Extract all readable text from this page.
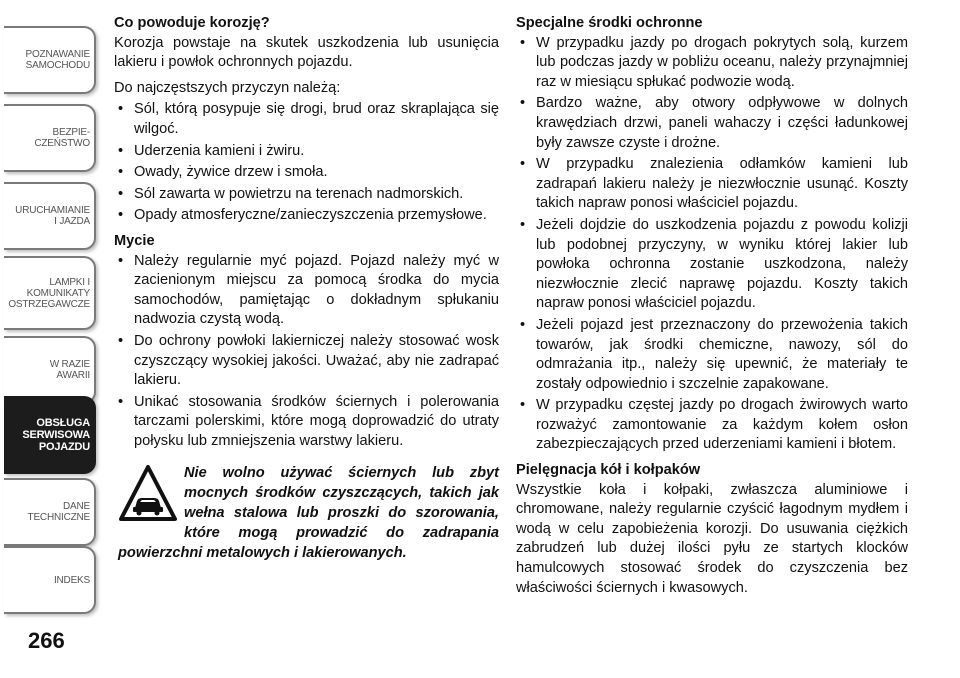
POZNAWANIE
SAMOCHODU
BEZPIE-
CZEŃSTWO
URUCHAMIANIE
I JAZDA
LAMPKI I
KOMUNIKATY
OSTRZEGAWCZE
W RAZIE
AWARII
OBSŁUGA
SERWISOWA
POJAZDU
DANE
TECHNICZNE
INDEKS
266
Co powoduje korozję?

Korozja powstaje na skutek uszkodzenia lub usunięcia lakieru i powłok ochronnych pojazdu.

Do najczęstszych przyczyn należą:

• Sól, którą posypuje się drogi, brud oraz skraplająca się wilgoć.
• Uderzenia kamieni i żwiru.
• Owady, żywice drzew i smoła.
• Sól zawarta w powietrzu na terenach nadmorskich.
• Opady atmosferyczne/zanieczyszczenia przemysłowe.
Mycie
• Należy regularnie myć pojazd. Pojazd należy myć w zacienionym miejscu za pomocą środka do mycia samochodów, pamiętając o dokładnym spłukaniu nadwozia czystą wodą.
• Do ochrony powłoki lakierniczej należy stosować wosk czyszczący wysokiej jakości. Uważać, aby nie zadrapać lakieru.
• Unikać stosowania środków ściernych i polerowania tarczami polerskimi, które mogą doprowadzić do utraty połysku lub zmniejszenia warstwy lakieru.
Nie wolno używać ściernych lub zbyt mocnych środków czyszczących, takich jak wełna stalowa lub proszki do szorowania, które mogą prowadzić do zadrapania powierzchni metalowych i lakierowanych.
Specjalne środki ochronne
• W przypadku jazdy po drogach pokrytych solą, kurzem lub podczas jazdy w pobliżu oceanu, należy przynajmniej raz w miesiącu spłukać podwozie wodą.
• Bardzo ważne, aby otwory odpływowe w dolnych krawędziach drzwi, paneli wahaczy i części ładunkowej były zawsze czyste i drożne.
• W przypadku znalezienia odłamków kamieni lub zadrapań lakieru należy je niezwłocznie usunąć. Koszty takich napraw ponosi właściciel pojazdu.
• Jeżeli dojdzie do uszkodzenia pojazdu z powodu kolizji lub podobnej przyczyny, w wyniku której lakier lub powłoka ochronna zostanie uszkodzona, należy niezwłocznie zlecić naprawę pojazdu. Koszty takich napraw ponosi właściciel pojazdu.
• Jeżeli pojazd jest przeznaczony do przewożenia takich towarów, jak środki chemiczne, nawozy, sól do odmrażania itp., należy się upewnić, że materiały te zostały odpowiednio i szczelnie zapakowane.
• W przypadku częstej jazdy po drogach żwirowych warto rozważyć zamontowanie za każdym kołem osłon zabezpieczających przed uderzeniami kamieni i błotem.
Pielęgnacja kół i kołpaków

Wszystkie koła i kołpaki, zwłaszcza aluminiowe i chromowane, należy regularnie czyścić łagodnym mydłem i wodą w celu zapobieżenia korozji. Do usuwania ciężkich zabrudzeń lub dużej ilości pyłu ze startych klocków hamulcowych stosować środek do czyszczenia bez właściwości ściernych i kwasowych.
